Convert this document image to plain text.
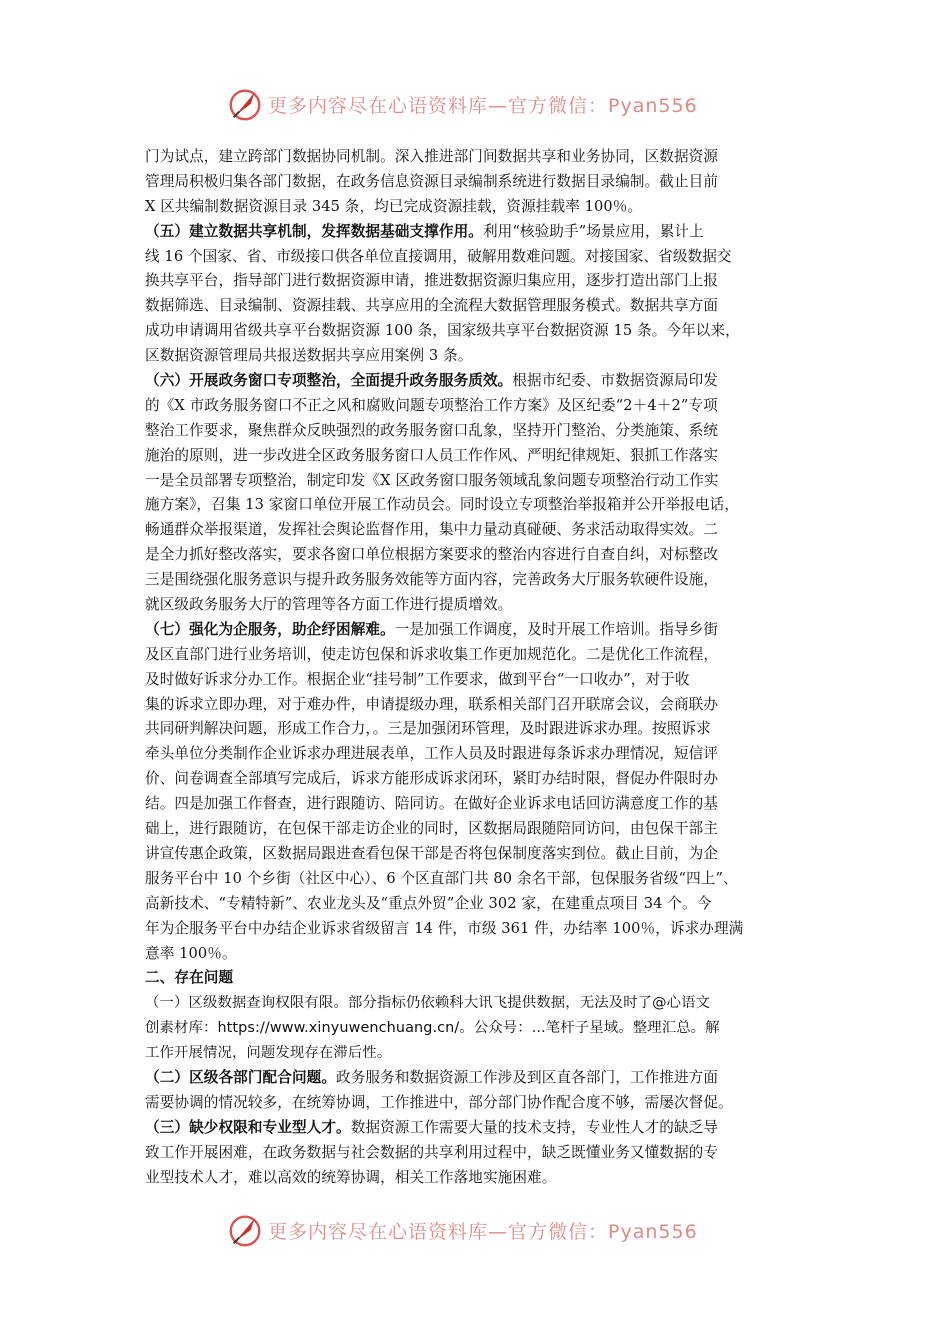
更多内容尽在心语资料库—官方微信：Pyan556
门为试点，建立跨部门数据协同机制。深入推进部门间数据共享和业务协同，区数据资源
管理局积极归集各部门数据，在政务信息资源目录编制系统进行数据目录编制。截止目前
X 区共编制数据资源目录 345 条，均已完成资源挂载，资源挂载率 100％。
（五）建立数据共享机制，发挥数据基础支撑作用。利用“核验助手”场景应用，累计上
线 16 个国家、省、市级接口供各单位直接调用，破解用数难问题。对接国家、省级数据交
换共享平台，指导部门进行数据资源申请，推进数据资源归集应用，逐步打造出部门上报
数据筛选、目录编制、资源挂载、共享应用的全流程大数据管理服务模式。数据共享方面
成功申请调用省级共享平台数据资源 100 条，国家级共享平台数据资源 15 条。今年以来，
区数据资源管理局共报送数据共享应用案例 3 条。
（六）开展政务窗口专项整治，全面提升政务服务质效。根据市纪委、市数据资源局印发
的《X 市政务服务窗口不正之风和腐败问题专项整治工作方案》及区纪委“2＋4＋2”专项
整治工作要求，聚焦群众反映强烈的政务服务窗口乱象，坚持开门整治、分类施策、系统
施治的原则，进一步改进全区政务服务窗口人员工作作风、严明纪律规矩、狠抓工作落实
一是全员部署专项整治，制定印发《X 区政务窗口服务领域乱象问题专项整治行动工作实
施方案》，召集 13 家窗口单位开展工作动员会。同时设立专项整治举报箱并公开举报电话，
畅通群众举报渠道，发挥社会舆论监督作用，集中力量动真碰硬、务求活动取得实效。二
是全力抓好整改落实，要求各窗口单位根据方案要求的整治内容进行自查自纠，对标整改
三是围绕强化服务意识与提升政务服务效能等方面内容，完善政务大厅服务软硬件设施，
就区级政务服务大厅的管理等各方面工作进行提质增效。
（七）强化为企服务，助企纾困解难。一是加强工作调度，及时开展工作培训。指导乡街
及区直部门进行业务培训，使走访包保和诉求收集工作更加规范化。二是优化工作流程，
及时做好诉求分办工作。根据企业“挂号制”工作要求，做到平台“一口收办”，对于收
集的诉求立即办理，对于难办件，申请提级办理，联系相关部门召开联席会议，会商联办
共同研判解决问题，形成工作合力，。三是加强闭环管理，及时跟进诉求办理。按照诉求
牵头单位分类制作企业诉求办理进展表单，工作人员及时跟进每条诉求办理情况，短信评
价、问卷调查全部填写完成后，诉求方能形成诉求闭环，紧盯办结时限，督促办件限时办
结。四是加强工作督查，进行跟随访、陪同访。在做好企业诉求电话回访满意度工作的基
础上，进行跟随访，在包保干部走访企业的同时，区数据局跟随陪同访问，由包保干部主
讲宣传惠企政策，区数据局跟进查看包保干部是否将包保制度落实到位。截止目前，为企
服务平台中 10 个乡街（社区中心）、6 个区直部门共 80 余名干部，包保服务省级“四上”、
高新技术、“专精特新”、农业龙头及“重点外贸”企业 302 家，在建重点项目 34 个。今
年为企服务平台中办结企业诉求省级留言 14 件，市级 361 件，办结率 100％，诉求办理满
意率 100％。
二、存在问题
（一）区级数据查询权限有限。部分指标仍依赖科大讯飞提供数据，无法及时了@心语文
创素材库：https://www.xinyuwenchuang.cn/。公众号：...笔杆子星域。整理汇总。解
工作开展情况，问题发现存在滞后性。
（二）区级各部门配合问题。政务服务和数据资源工作涉及到区直各部门，工作推进方面
需要协调的情况较多，在统筹协调，工作推进中，部分部门协作配合度不够，需屡次督促。
（三）缺少权限和专业型人才。数据资源工作需要大量的技术支持，专业性人才的缺乏导
致工作开展困难，在政务数据与社会数据的共享利用过程中，缺乏既懂业务又懂数据的专
业型技术人才，难以高效的统筹协调，相关工作落地实施困难。
更多内容尽在心语资料库—官方微信：Pyan556
